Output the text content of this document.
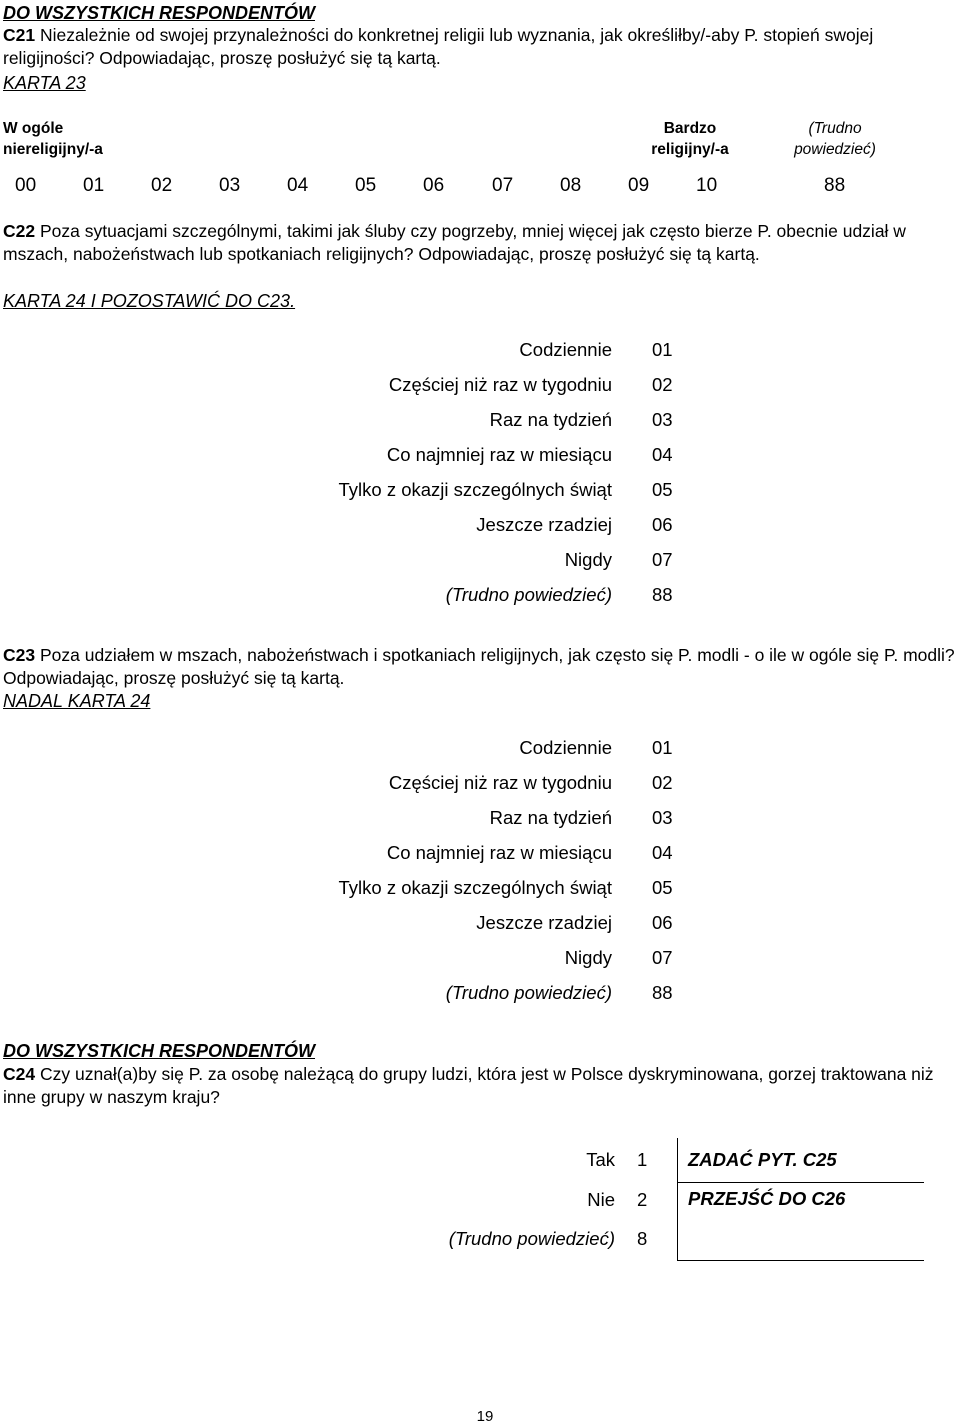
DO WSZYSTKICH RESPONDENTÓW
C21 Niezależnie od swojej przynależności do konkretnej religii lub wyznania, jak określiłby/-aby P. stopień swojej religijności? Odpowiadając, proszę posłużyć się tą kartą.
KARTA 23
W ogóle
niereligijny/-a
Bardzo
religijny/-a
(Trudno
powiedzieć)
00 01 02 03 04 05 06	07 08 09 10	88
C22 Poza sytuacjami szczególnymi, takimi jak śluby czy pogrzeby, mniej więcej jak często bierze P. obecnie udział w mszach, nabożeństwach lub spotkaniach religijnych? Odpowiadając, proszę posłużyć się tą kartą.
KARTA 24 I POZOSTAWIĆ DO C23.
Codziennie 01
Częściej niż raz w tygodniu 02
Raz na tydzień 03
Co najmniej raz w miesiącu 04
Tylko z okazji szczególnych świąt 05
Jeszcze rzadziej 06
Nigdy 07
(Trudno powiedzieć) 88
C23 Poza udziałem w mszach, nabożeństwach i spotkaniach religijnych, jak często się P. modli - o ile w ogóle się P. modli? Odpowiadając, proszę posłużyć się tą kartą.
NADAL KARTA 24
Codziennie 01
Częściej niż raz w tygodniu 02
Raz na tydzień 03
Co najmniej raz w miesiącu 04
Tylko z okazji szczególnych świąt 05
Jeszcze rzadziej 06
Nigdy 07
(Trudno powiedzieć) 88
DO WSZYSTKICH RESPONDENTÓW
C24 Czy uznał(a)by się P. za osobę należącą do grupy ludzi, która jest w Polsce dyskryminowana, gorzej traktowana niż inne grupy w naszym kraju?
Tak	1	ZADAĆ PYT. C25
Nie	2	PRZEJŚĆ DO C26
(Trudno powiedzieć)	8	
19
